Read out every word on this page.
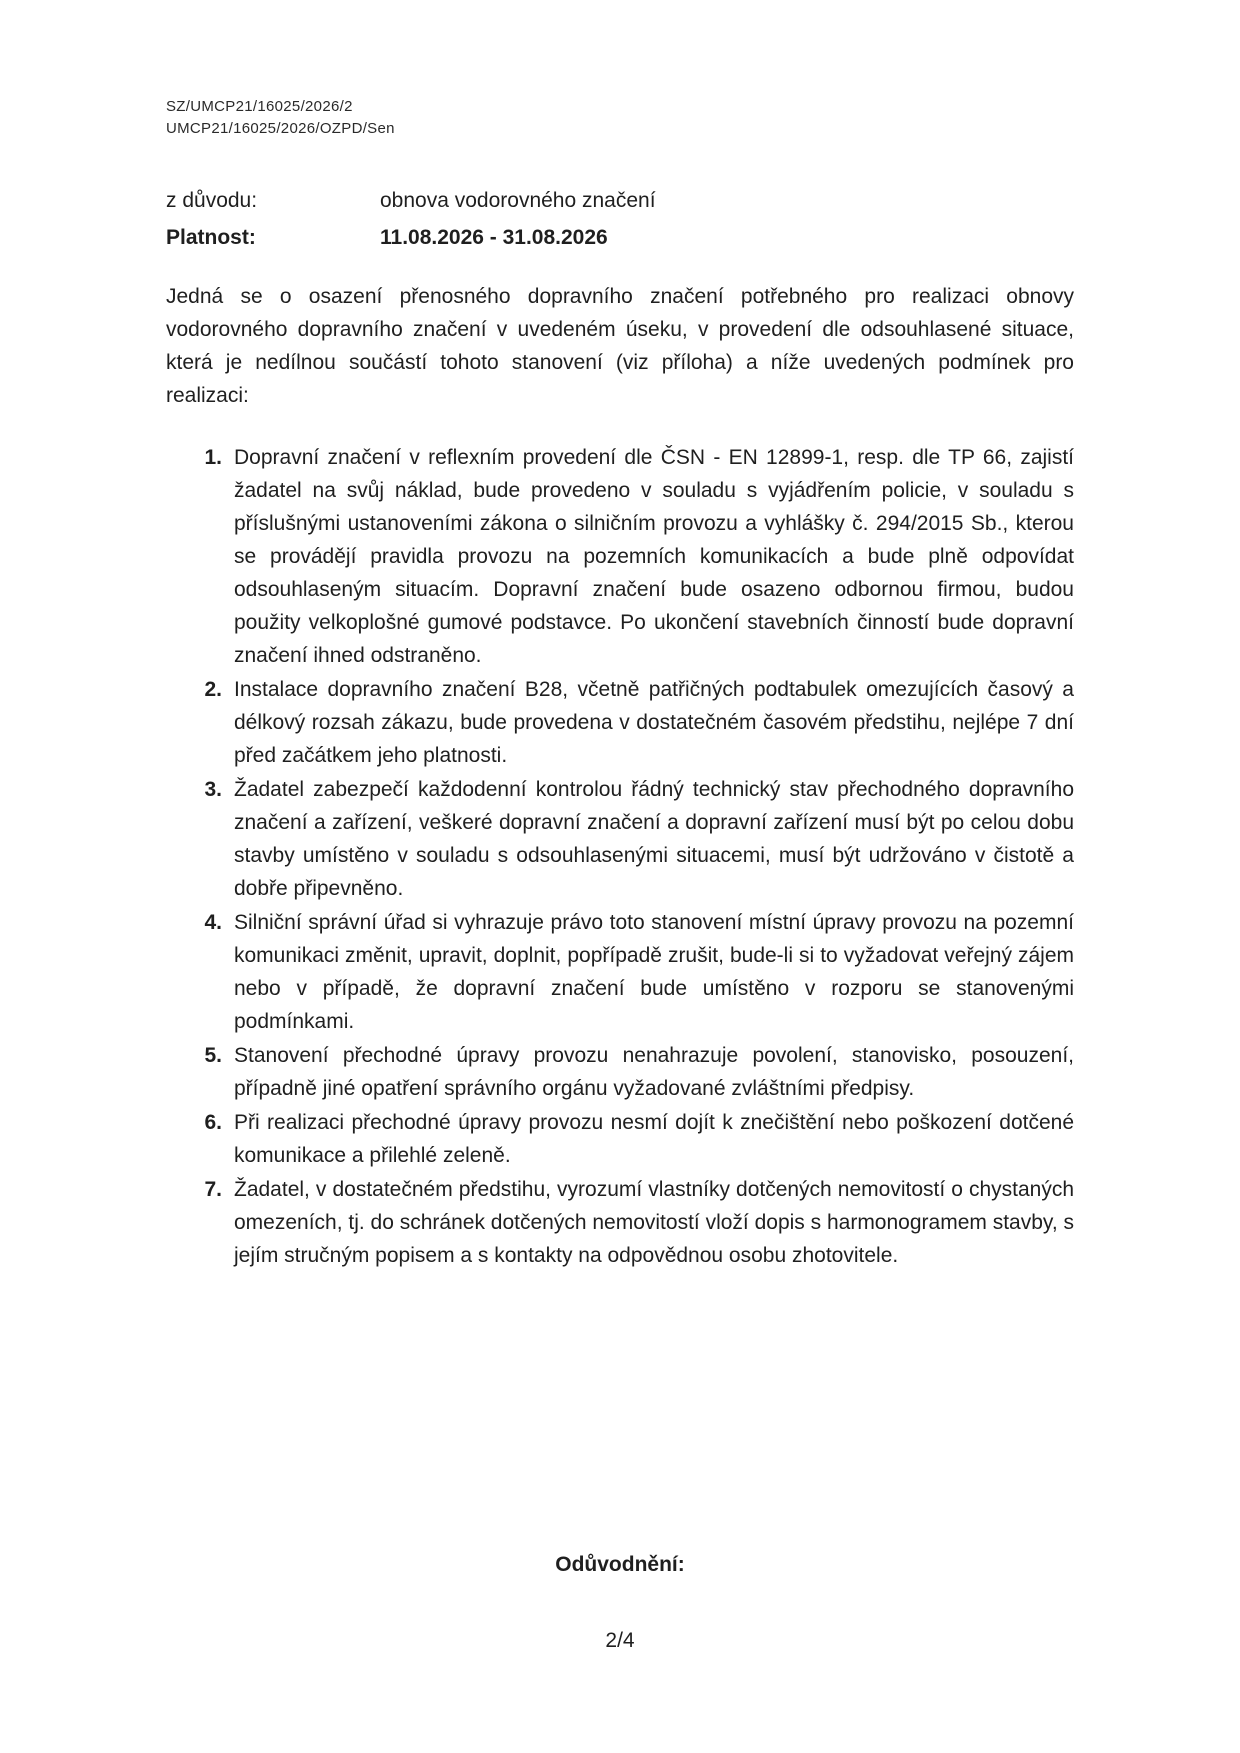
SZ/UMCP21/16025/2026/2
UMCP21/16025/2026/OZPD/Sen
z důvodu:	obnova vodorovného značení
Platnost:	11.08.2026 - 31.08.2026
Jedná se o osazení přenosného dopravního značení potřebného pro realizaci obnovy vodorovného dopravního značení v uvedeném úseku, v provedení dle odsouhlasené situace, která je nedílnou součástí tohoto stanovení (viz příloha) a níže uvedených podmínek pro realizaci:
1. Dopravní značení v reflexním provedení dle ČSN - EN 12899-1, resp. dle TP 66, zajistí žadatel na svůj náklad, bude provedeno v souladu s vyjádřením policie, v souladu s příslušnými ustanoveními zákona o silničním provozu a vyhlášky č. 294/2015 Sb., kterou se provádějí pravidla provozu na pozemních komunikacích a bude plně odpovídat odsouhlaseným situacím. Dopravní značení bude osazeno odbornou firmou, budou použity velkoplošné gumové podstavce. Po ukončení stavebních činností bude dopravní značení ihned odstraněno.
2. Instalace dopravního značení B28, včetně patřičných podtabulek omezujících časový a délkový rozsah zákazu, bude provedena v dostatečném časovém předstihu, nejlépe 7 dní před začátkem jeho platnosti.
3. Žadatel zabezpečí každodenní kontrolou řádný technický stav přechodného dopravního značení a zařízení, veškeré dopravní značení a dopravní zařízení musí být po celou dobu stavby umístěno v souladu s odsouhlasenými situacemi, musí být udržováno v čistotě a dobře připevněno.
4. Silniční správní úřad si vyhrazuje právo toto stanovení místní úpravy provozu na pozemní komunikaci změnit, upravit, doplnit, popřípadě zrušit, bude-li si to vyžadovat veřejný zájem nebo v případě, že dopravní značení bude umístěno v rozporu se stanovenými podmínkami.
5. Stanovení přechodné úpravy provozu nenahrazuje povolení, stanovisko, posouzení, případně jiné opatření správního orgánu vyžadované zvláštními předpisy.
6. Při realizaci přechodné úpravy provozu nesmí dojít k znečištění nebo poškození dotčené komunikace a přilehlé zeleně.
7. Žadatel, v dostatečném předstihu, vyrozumí vlastníky dotčených nemovitostí o chystaných omezeních, tj. do schránek dotčených nemovitostí vloží dopis s harmonogramem stavby, s jejím stručným popisem a s kontakty na odpovědnou osobu zhotovitele.
Odůvodnění:
2/4
